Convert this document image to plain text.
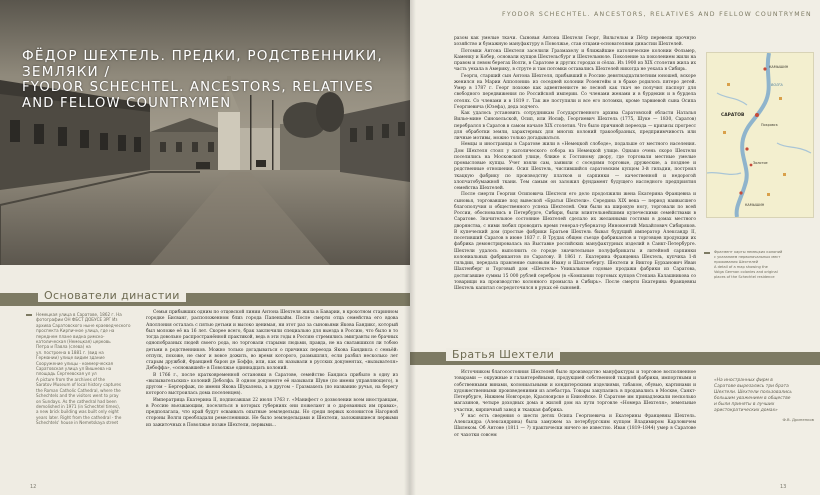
ФЁДОР ШЕХТЕЛЬ. ПРЕДКИ, РОДСТВЕННИКИ, ЗЕМЛЯКИ /
FYODOR SCHECHTEL. ANCESTORS, RELATIVES AND FELLOW COUNTRYMEN
Основатели династии
Немецкая улица в Саратове, 1862 г. На
фотографии ОН ФБСТ ДОБУСЕ 3РГ Из
архива Саратовского ныне краеведческого
проспекта Кирпичное улица, где на
переднем плане видна римско-
католическая (Немецкая) церковь
Петра и Павла (слева) на
ул. построена в 1881 г. (вид на
Германии) улице видим здание
Сооружение улицы - коммерческая
Саратовская улица ул Вишнева на
площадь Сергеевская ул ул
A picture from the archives of the
Saratov Museum of local history captures
the Roman Catholic Cathedral, where the
Schechtels and the visitors went to pray
on Sundays. As the cathedral had been
demolished in 1971 (in Schechtel times),
a new brick building was built only eight
years later. Right from the cathedral - the
Schechtels' house in Nemetskaya street

Семья прибывших одним по отцовской линии Антона Шехтеля жила в Баварии, в крохотном старинном городке Бисванг, расположенном близ города Папенхайм. После смерти отца семейства его вдова Аполлония осталась с пятью детьми и высоко ценимая, ни этот раз за сыновьями Якова Бандикс, который был моложе её на 16 лет. Скорее всего, брак заключили специально для выезда в Россию, что было в то тогда довольно распространённой практикой, ведь в эти годы в Россию стремились эмигранты не брачных однопобразных людей своего рода, но торговали старыми людьми, правда, не на сватавшихся ли тобою детьми в родственников. Можно только догадываться о причинах переезда Якова Бандикса с семьёй: отпуск, похоже, не смог и вовсе дожить, во время которого, размышлял, если разбил несколько лет старым дружбой, Францией барон де Боффэ, или, как их называли в русских документах, «вызывателя» Дебоффа», «основавшей» в Поволжье одиннадцать колоний.

В 1766 г., после кратковременной остановки в Саратове, семейство Бандиса прибыло в одну из «вызывательских» колоний Деболфа. В одном документе её называли Шуке (по имени управляющего), в другом – Бергерфаж, по имени Якова Шукалена, а в другом – Гразмахель (по названию ручья, на берегу которого выстроилась дома поселенцев).

Императрица Екатерина II, подписавшая 22 июля 1763 г. «Манифест о дозволении всем иностранцам, в Россию въезжающим, поселяться в которых губерниях они пожелают и о дарованных им правах», предполагала, что край будут осваивать опытные земледельцы. Но среди первых колонистов Нагорной стороны Волги преобладали ремесленники. Не было земледельцами и Шехтели, заложившиеся первыми из зажиточных в Поволжье позже Шехтели, первыми...

12
FYODOR SCHECHTEL. ANCESTORS, RELATIVES AND FELLOW COUNTRYMEN

разом как умелые ткачи. Сыновья Антона Шехтеля Георг, Вильгельм и Пётр перевели прочную хозяйство и бумажную мануфактуру в Поволжье, став отцами-основателями династии Шехтелей.

Потомки Антона Шехтеля заселили Гразмахелу и ближайшие католические колонии Фольмер, Каменку и Кобер, основали купцов Шехтельсбург и Шехтельмюле. Поколение за поколением жили на правом и левом берегах Волги, в Саратове и других городах и сёлах. Из 1900 из XIX столетия жила их часть уехала в Америку, в струте и там потомки оставались Шехтелей никогда не уехала в Сибирь.

Георги, старший сын Антона Шехтеля, прибывший в Россию девятнадцатилетним юношей, вскоре женился на Марии Апполонии: из соседней колонии Розенгейм и в браке родилось пятеро детей. Умер в 1787 г. Георг похоже как адвентвенисте во лесной как ткач не получил паспорт для свободного передвижения по Российской империи. Со членами женами и в бурдекин и в бурдела отелях. Со членами и в 1819 г. Так же поступили и все его потомки, кроме тарвиевой сына Осипа Георгиевича (Юзефа), деда зодчего.

Как удалось установить сотрудникам Государственного архива Саратовской области Наталья Вилье-мине Синохельской, Осип, или Иосиф, Георгиевич Шехтель (1775, Шуке — 1830, Саратов) перебрался в Саратов в самом начале XIX столетия. Что было причиной переезда — кризисы прогресс для обработки земли, характерных для многих колоний тракообразных, предприимчивость или личные мотивы, можно только догадываться.

Немцы и иностранцы в Саратове жили в «Немецкой слободе», подальше от местного населения. Дом Шехтеля стоял у католического собора на Немецкой улице. Однако очень скоро Шехтели поселились на Московской улице, ближе к Гостиному двору, где торговали местные умелые промысловые купцы. Учет взяли сам, заявили с соседями торговые, дружеские, а позднее и родственные отношения. Осип Шехтель, числившийся саратовским купцом 3-й гильдии, построил ткацкую фабрику по производству платков и сарпинки — качественной и недорогой хлопчатобумажной ткани. Тем самым он заложил фундамент будущего наследного предприятия семейства Шехтелей.

После смерти Георгия Осиповича Шехтеля его дело продолжили жена Екатерина Францевна и сыновья, торговавшие под вывеской «Братья Шехтели». Середина XIX века — период наивысшего благополучия и общественного успеха Шехтелей. Они были на широкую ногу, торговали по всей России, обосновались в Петербурге, Сибири, были влиятельнейшими купеческими семействами в Саратове. Значительное состояние Шехтелей сделало их желанными гостями в домах местного дворянства, с ними любил проводить время генерал-губернатор Иннокентий Михайлович Сибиряков. В купеческий дом (простые фабрики Братьев Шехтель бывал будущий император Александр II, посетивший Саратов в июне 1837 г. В Трудах общем съезде фабрикантов и торговцев продукции их фабрика демонстрировалась на Выставке российских мануфактурных изделий в Санкт-Петербурге. Шехтели удалось выполнить со городе значительные полуфабрикаты и литейной сарпинки колониальных фабрикантов по Саратову. В 1861 г. Екатерина Францевна Шехтель, купчиха 1-й гильдии, передала правление сыновьям Ивану и Шахтенбергу. Шехтели и Виктор Бурханович Иван Шахтенберг и Торговый дом «Шехтель» Уникальные годовые продажи фабрики из Саратова, достигавшие суммы 15 000 рублей серебром (в «Компании торговых купцов Степана Калашникова со товарищи на производство колонного промысла в Сибирь». После смерти Екатерина Францевны Шехтель капитал сосредоточился в руках её сыновей.

КАМЫШИН
САРАТОВ
Покровск
Золотое
КАМЫШИН
ВОЛГА
Фрагмент карты немецких колоний
с указанием первоначальных мест
проживания Шехтелей
A detail of a map showing the
Volga German colonies and original
places of the Schechtel residence
Братья Шехтели

Источником благосостояния Шехтелей было производство мануфактуры и торговое восполненное товарами — окружные и галантерейными, продукцией собственной ткацкой фабрики, импортными и собственными винами, колониальными и кондитерскими изделиями, табаком, обувью, картинами и художественными произведениями из алебастра. Товары закупались в продавались в Москве, Санкт-Петербурге, Нижнем Новгороде, Красноярске и Енисейске. В Саратове им принадлежали несколько магазинов, четыре доходных дома и жилой дом на пути торговле «Номера Шехтеля», земельные участки, кирпичный завод и ткацкая фабрика.

У нас есть сведения о шести детях Осипа Георгиевича и Екатерины Францевны Шехтель. Александра (Александрина) была замужем за петербургским купцом Владимиром Карловичем Шилеком. Об Антоне (1811 — ?) практически ничего не известно. Иван (1819–1844) умер в Саратове от чахотки совсем

«На иностранных фирм в
Саратове вырезались три брата
Шехтели. Шехтели пользовались
большим уважением в обществе
и были приняты в лучших
аристократических домах»
Ф.В. Дриненков
13
